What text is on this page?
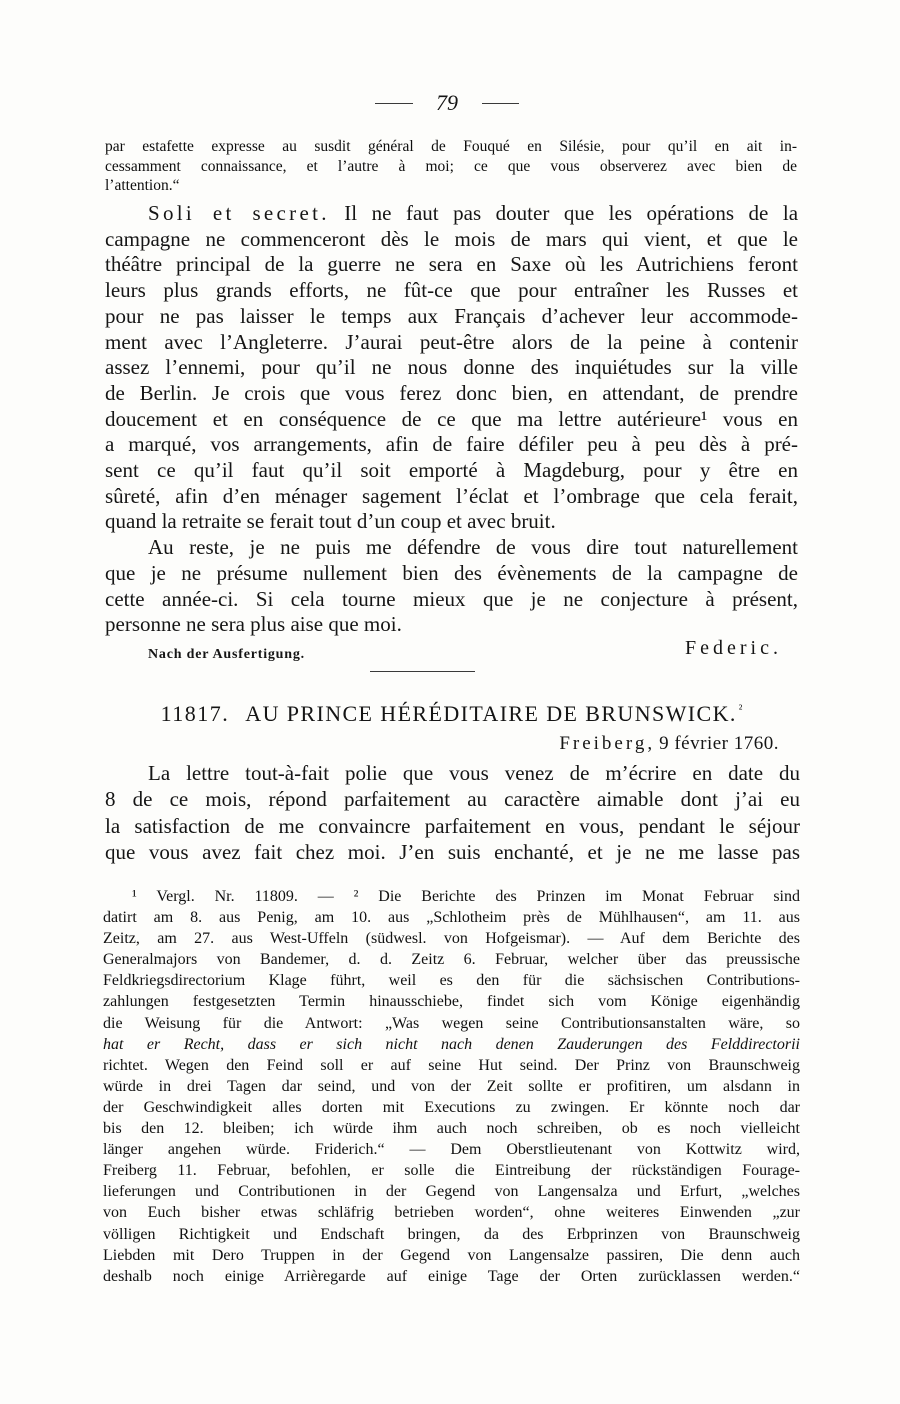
79
par estafette expresse au susdit général de Fouqué en Silésie, pour qu’il en ait in-
cessamment connaissance, et l’autre à moi; ce que vous observerez avec bien de
l’attention.“
Soli et secret. Il ne faut pas douter que les opérations de la
campagne ne commenceront dès le mois de mars qui vient, et que le
théâtre principal de la guerre ne sera en Saxe où les Autrichiens feront
leurs plus grands efforts, ne fût-ce que pour entraîner les Russes et
pour ne pas laisser le temps aux Français d’achever leur accommode-
ment avec l’Angleterre. J’aurai peut-être alors de la peine à contenir
assez l’ennemi, pour qu’il ne nous donne des inquiétudes sur la ville
de Berlin. Je crois que vous ferez donc bien, en attendant, de prendre
doucement et en conséquence de ce que ma lettre autérieure¹ vous en
a marqué, vos arrangements, afin de faire défiler peu à peu dès à pré-
sent ce qu’il faut qu’il soit emporté à Magdeburg, pour y être en
sûreté, afin d’en ménager sagement l’éclat et l’ombrage que cela ferait,
quand la retraite se ferait tout d’un coup et avec bruit.
Au reste, je ne puis me défendre de vous dire tout naturellement
que je ne présume nullement bien des évènements de la campagne de
cette année-ci. Si cela tourne mieux que je ne conjecture à présent,
personne ne sera plus aise que moi.
Nach der Ausfertigung.	Federic.
11817. AU PRINCE HÉRÉDITAIRE DE BRUNSWICK. $^{^2}$
Freiberg, 9 février 1760.
La lettre tout-à-fait polie que vous venez de m’écrire en date du
8 de ce mois, répond parfaitement au caractère aimable dont j’ai eu
la satisfaction de me convaincre parfaitement en vous, pendant le séjour
que vous avez fait chez moi. J’en suis enchanté, et je ne me lasse pas
¹ Vergl. Nr. 11809. — ² Die Berichte des Prinzen im Monat Februar sind
datirt am 8. aus Penig, am 10. aus „Schlotheim près de Mühlhausen“, am 11. aus
Zeitz, am 27. aus West-Uffeln (südwesl. von Hofgeismar). — Auf dem Berichte des
Generalmajors von Bandemer, d. d. Zeitz 6. Februar, welcher über das preussische
Feldkriegsdirectorium Klage führt, weil es den für die sächsischen Contributions-
zahlungen festgesetzten Termin hinausschiebe, findet sich vom Könige eigenhändig
die Weisung für die Antwort: „Was wegen seine Contributionsanstalten wäre, so
hat er Recht, dass er sich nicht nach denen Zauderungen des Felddirectorii
richtet. Wegen den Feind soll er auf seine Hut seind. Der Prinz von Braunschweig
würde in drei Tagen dar seind, und von der Zeit sollte er profitiren, um alsdann in
der Geschwindigkeit alles dorten mit Executions zu zwingen. Er könnte noch dar
bis den 12. bleiben; ich würde ihm auch noch schreiben, ob es noch vielleicht
länger angehen würde. Friderich.“ — Dem Oberstlieutenant von Kottwitz wird,
Freiberg 11. Februar, befohlen, er solle die Eintreibung der rückständigen Fourage-
lieferungen und Contributionen in der Gegend von Langensalza und Erfurt, „welches
von Euch bisher etwas schläfrig betrieben worden“, ohne weiteres Einwenden „zur
völligen Richtigkeit und Endschaft bringen, da des Erbprinzen von Braunschweig
Liebden mit Dero Truppen in der Gegend von Langensalze passiren, Die denn auch
deshalb noch einige Arrièregarde auf einige Tage der Orten zurücklassen werden.“
